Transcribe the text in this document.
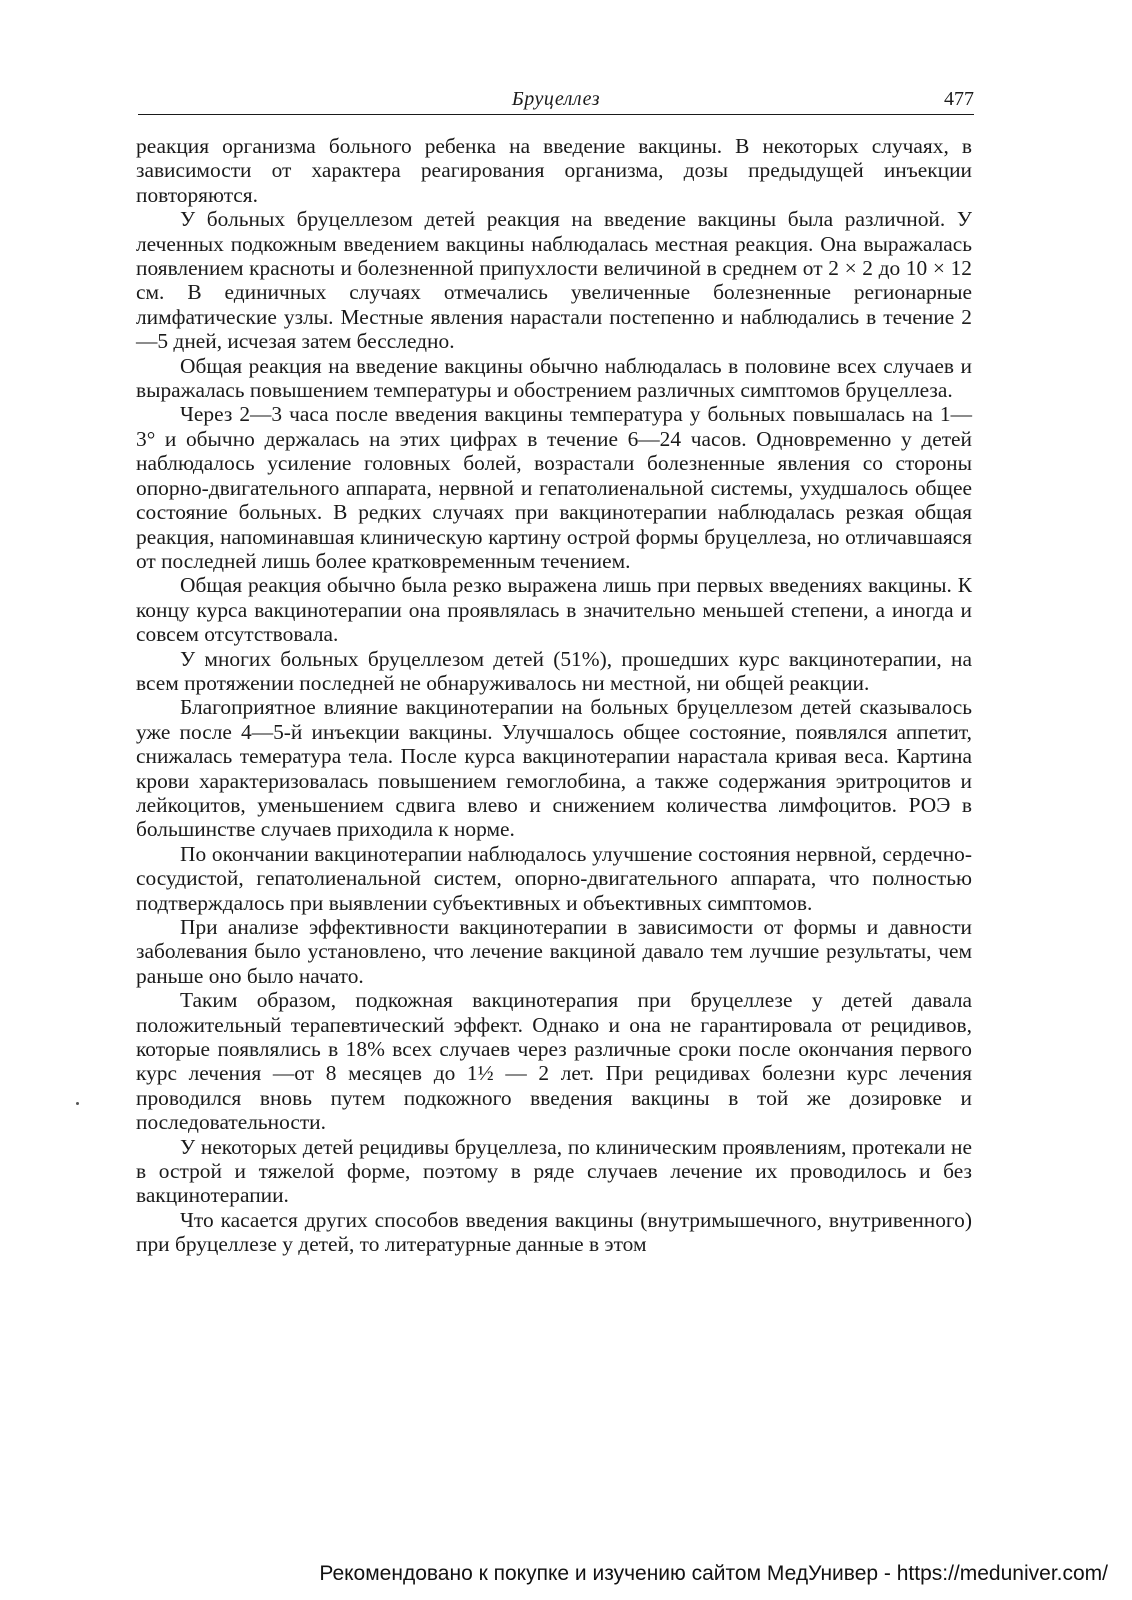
Бруцеллез	477

реакция организма больного ребенка на введение вакцины. В некоторых случаях, в зависимости от характера реагирования организма, дозы предыдущей инъекции повторяются.

У больных бруцеллезом детей реакция на введение вакцины была различной. У леченных подкожным введением вакцины наблюдалась местная реакция. Она выражалась появлением красноты и болезненной припухлости величиной в среднем от 2 × 2 до 10 × 12 см. В единичных случаях отмечались увеличенные болезненные регионарные лимфатические узлы. Местные явления нарастали постепенно и наблюдались в течение 2—5 дней, исчезая затем бесследно.

Общая реакция на введение вакцины обычно наблюдалась в половине всех случаев и выражалась повышением температуры и обострением различных симптомов бруцеллеза.

Через 2—3 часа после введения вакцины температура у больных повышалась на 1—3° и обычно держалась на этих цифрах в течение 6—24 часов. Одновременно у детей наблюдалось усиление головных болей, возрастали болезненные явления со стороны опорно-двигательного аппарата, нервной и гепатолиенальной системы, ухудшалось общее состояние больных. В редких случаях при вакцинотерапии наблюдалась резкая общая реакция, напоминавшая клиническую картину острой формы бруцеллеза, но отличавшаяся от последней лишь более кратковременным течением.

Общая реакция обычно была резко выражена лишь при первых введениях вакцины. К концу курса вакцинотерапии она проявлялась в значительно меньшей степени, а иногда и совсем отсутствовала.

У многих больных бруцеллезом детей (51%), прошедших курс вакцинотерапии, на всем протяжении последней не обнаруживалось ни местной, ни общей реакции.

Благоприятное влияние вакцинотерапии на больных бруцеллезом детей сказывалось уже после 4—5-й инъекции вакцины. Улучшалось общее состояние, появлялся аппетит, снижалась темература тела. После курса вакцинотерапии нарастала кривая веса. Картина крови характеризовалась повышением гемоглобина, а также содержания эритроцитов и лейкоцитов, уменьшением сдвига влево и снижением количества лимфоцитов. РОЭ в большинстве случаев приходила к норме.

По окончании вакцинотерапии наблюдалось улучшение состояния нервной, сердечно-сосудистой, гепатолиенальной систем, опорно-двигательного аппарата, что полностью подтверждалось при выявлении субъективных и объективных симптомов.

При анализе эффективности вакцинотерапии в зависимости от формы и давности заболевания было установлено, что лечение вакциной давало тем лучшие результаты, чем раньше оно было начато.

Таким образом, подкожная вакцинотерапия при бруцеллезе у детей давала положительный терапевтический эффект. Однако и она не гарантировала от рецидивов, которые появлялись в 18% всех случаев через различные сроки после окончания первого курс лечения —от 8 месяцев до 1½ — 2 лет. При рецидивах болезни курс лечения проводился вновь путем подкожного введения вакцины в той же дозировке и последовательности.

У некоторых детей рецидивы бруцеллеза, по клиническим проявлениям, протекали не в острой и тяжелой форме, поэтому в ряде случаев лечение их проводилось и без вакцинотерапии.

Что касается других способов введения вакцины (внутримышечного, внутривенного) при бруцеллезе у детей, то литературные данные в этом

Рекомендовано к покупке и изучению сайтом МедУнивер - https://meduniver.com/
